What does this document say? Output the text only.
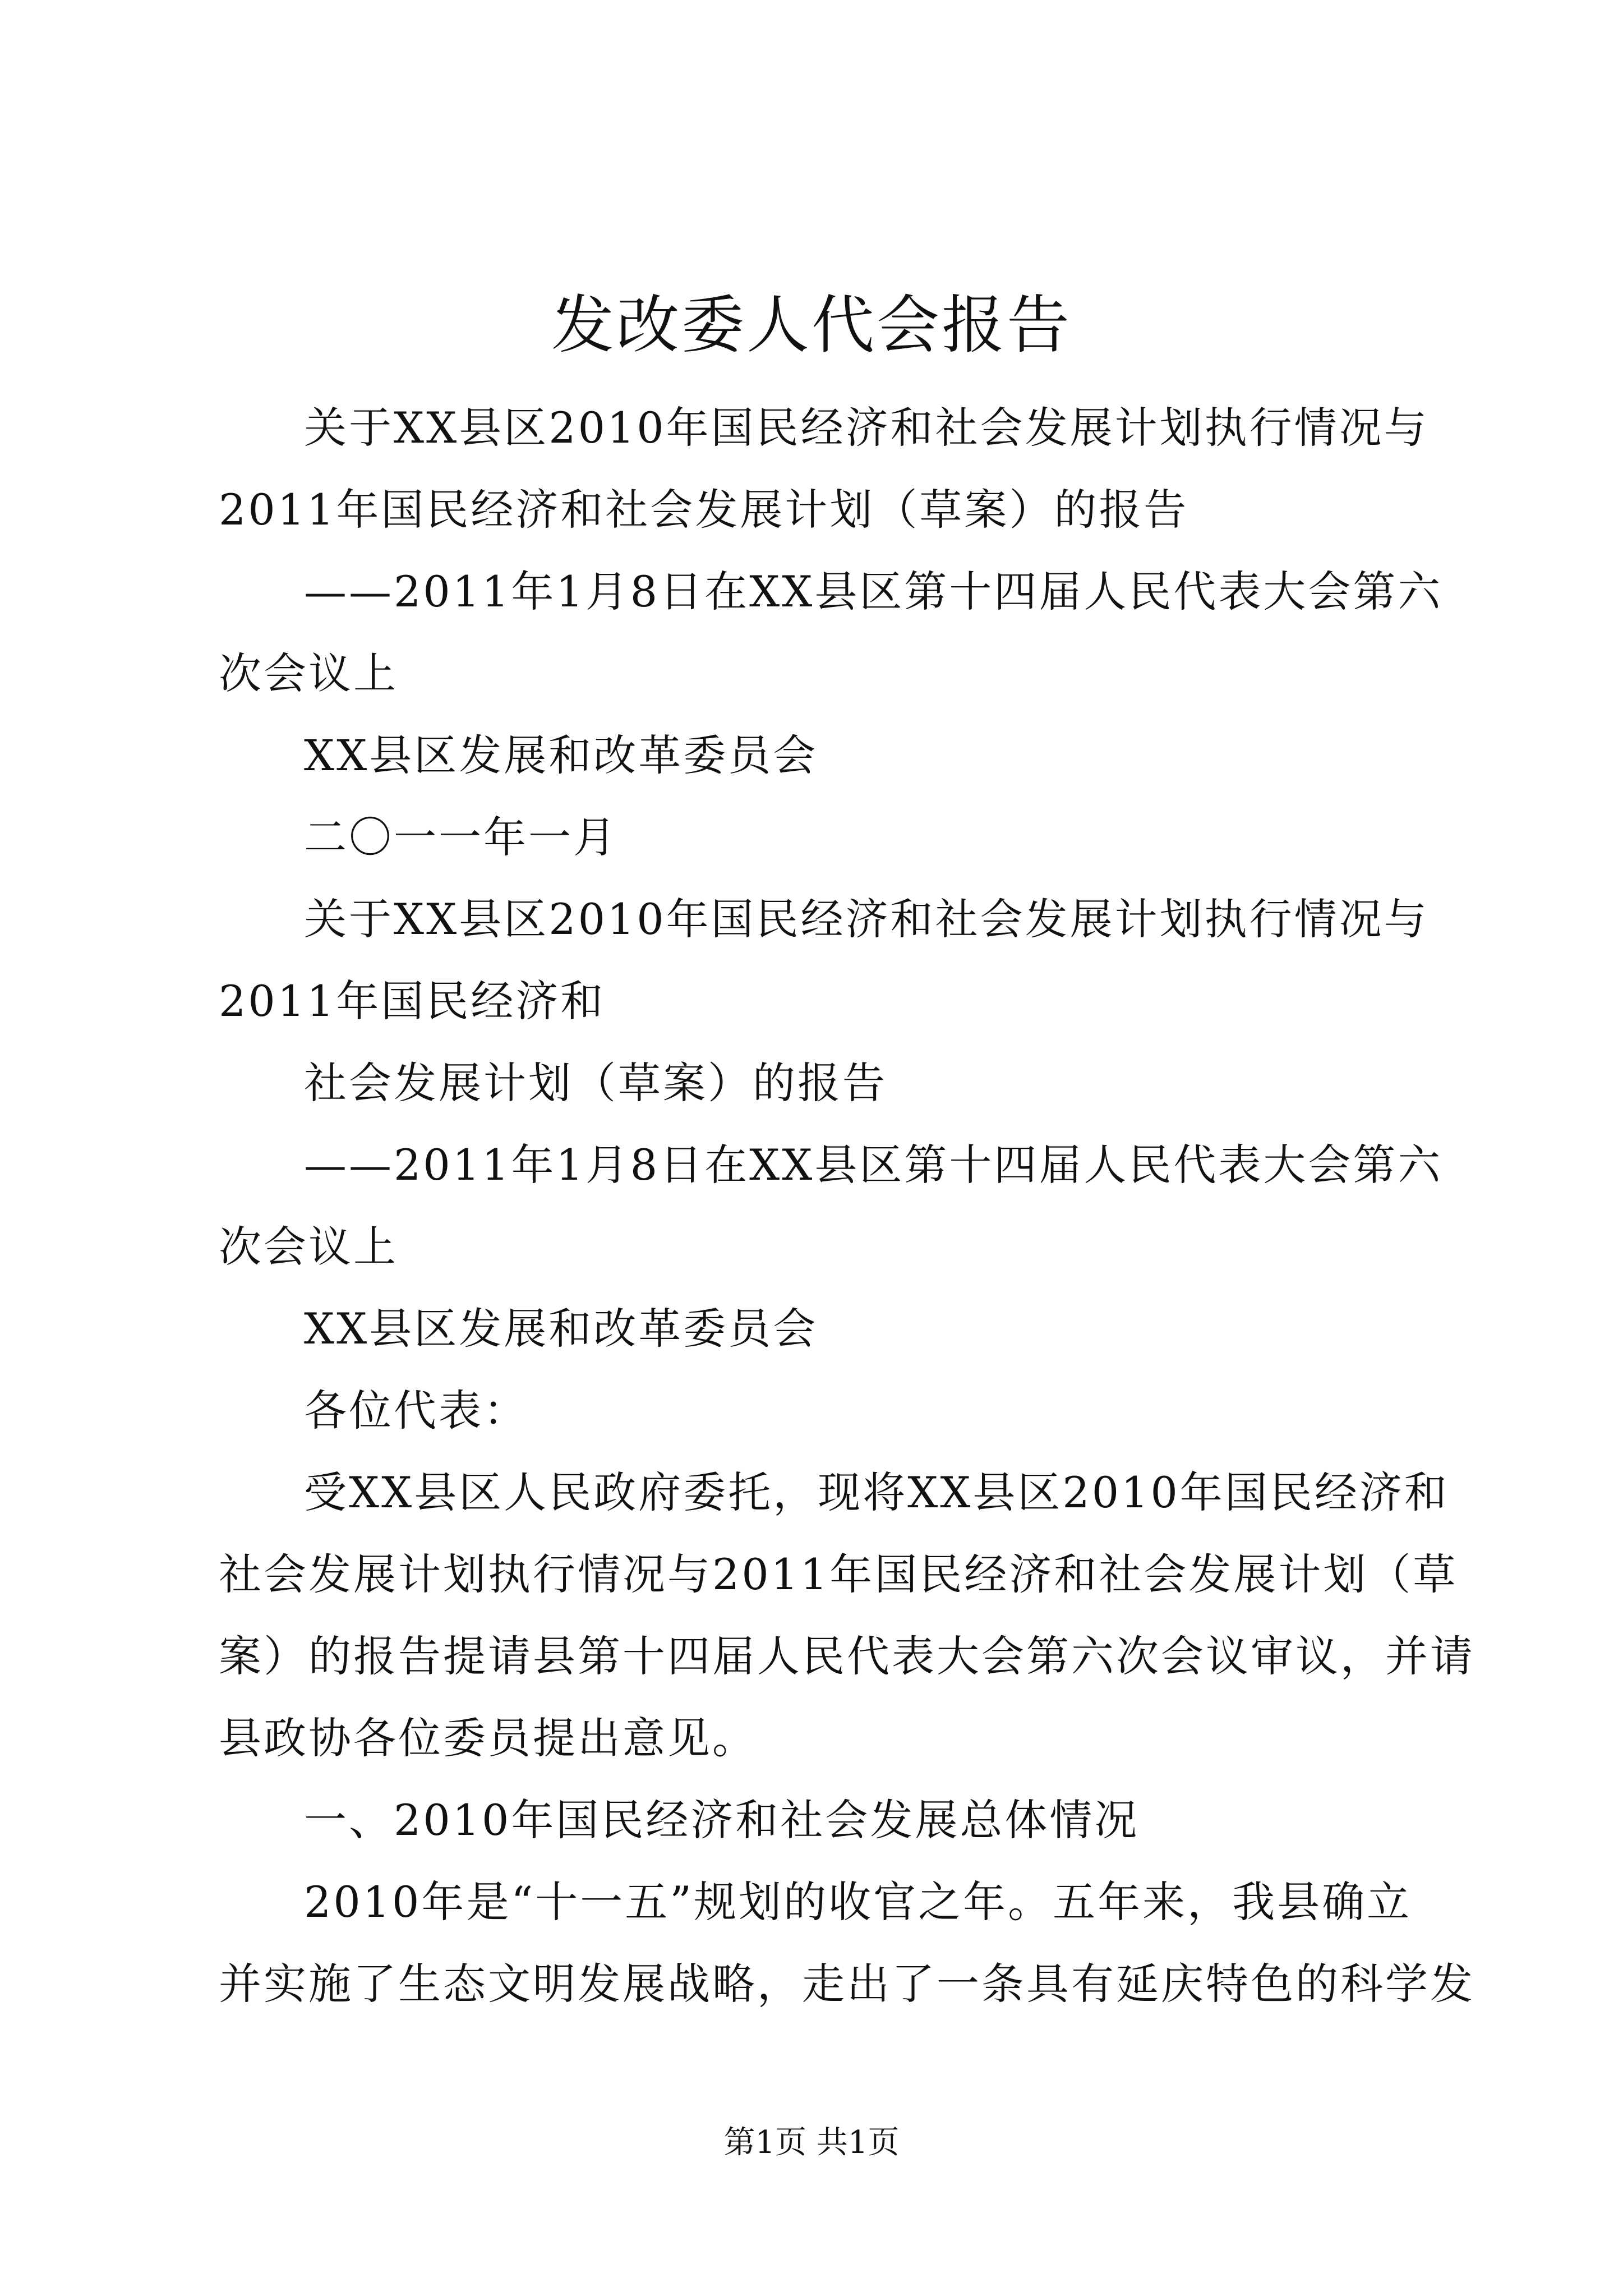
发改委人代会报告
关于XX县区2010年国民经济和社会发展计划执行情况与
2011年国民经济和社会发展计划（草案）的报告
——2011年1月8日在XX县区第十四届人民代表大会第六
次会议上
XX县区发展和改革委员会
二〇一一年一月
关于XX县区2010年国民经济和社会发展计划执行情况与
2011年国民经济和
社会发展计划（草案）的报告
——2011年1月8日在XX县区第十四届人民代表大会第六
次会议上
XX县区发展和改革委员会
各位代表：
受XX县区人民政府委托，现将XX县区2010年国民经济和
社会发展计划执行情况与2011年国民经济和社会发展计划（草
案）的报告提请县第十四届人民代表大会第六次会议审议，并请
县政协各位委员提出意见。
一、2010年国民经济和社会发展总体情况
2010年是“十一五”规划的收官之年。五年来，我县确立
并实施了生态文明发展战略，走出了一条具有延庆特色的科学发
第1页 共1页
